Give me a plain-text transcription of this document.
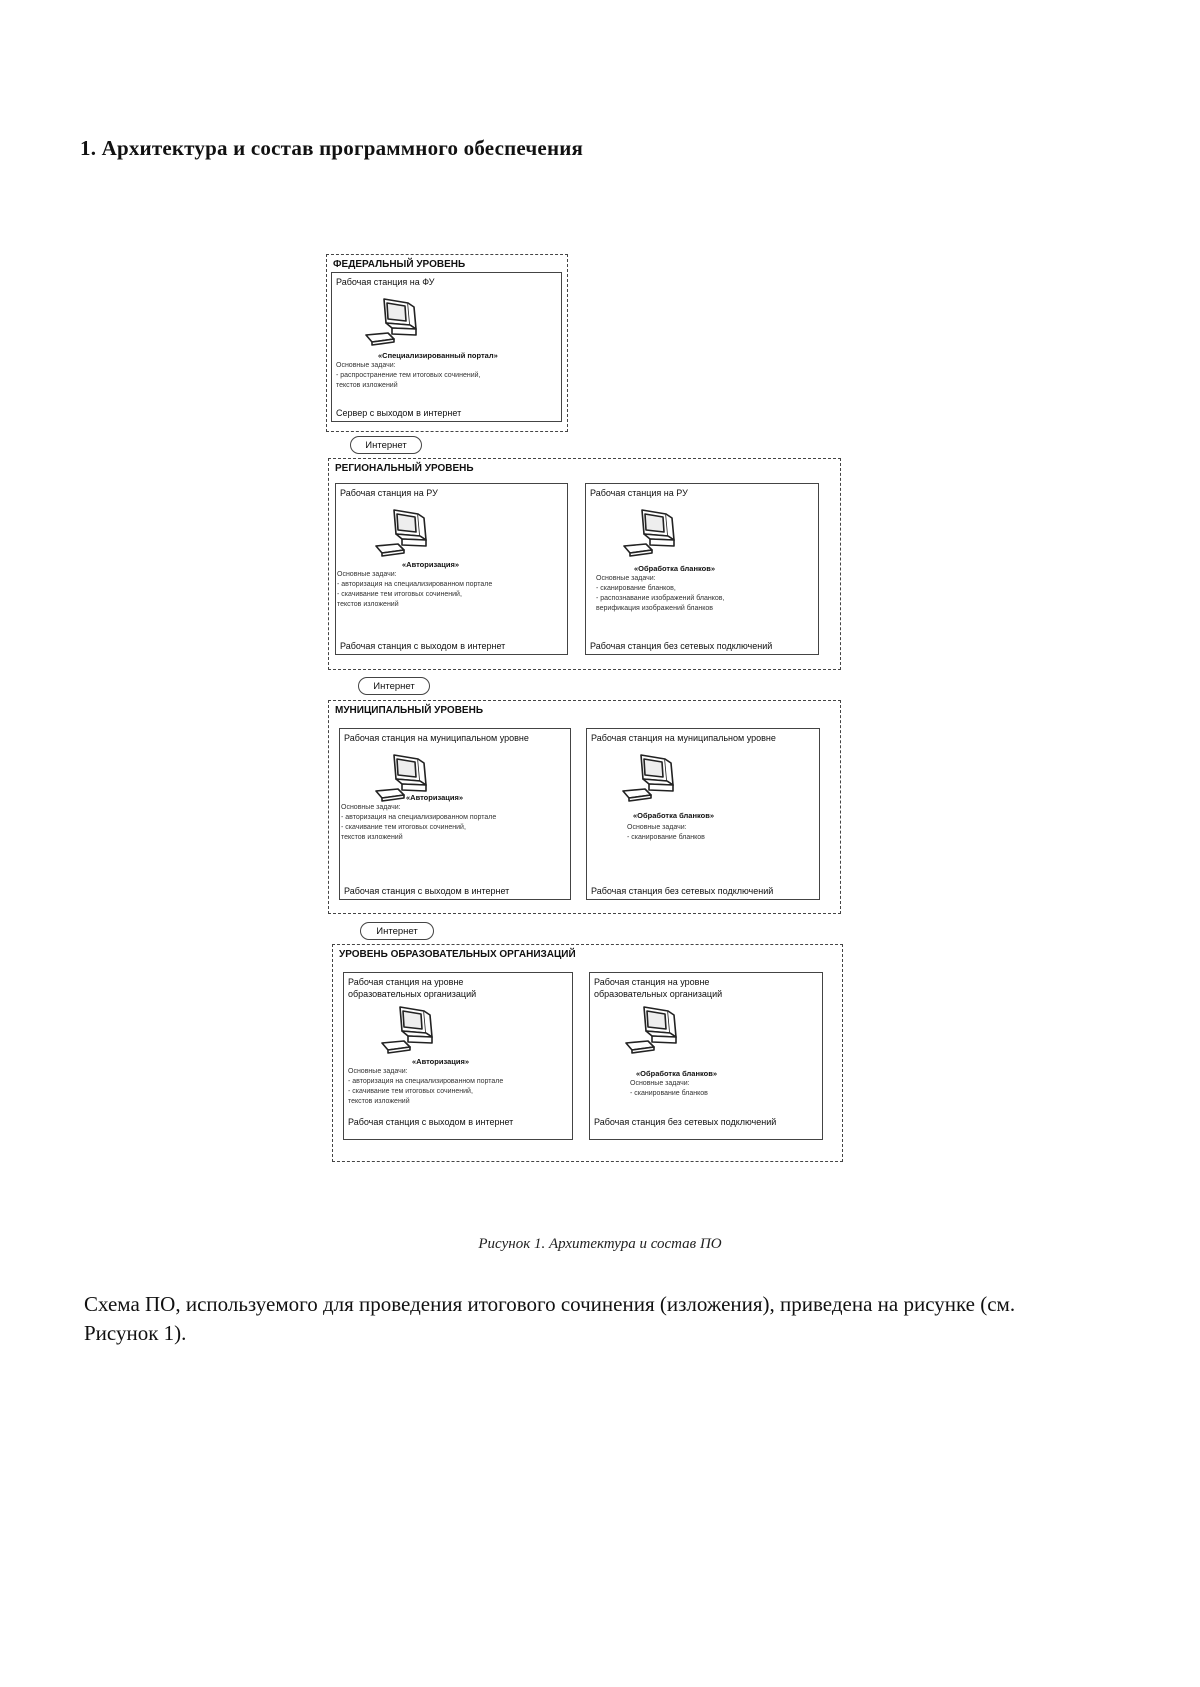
1. Архитектура и состав программного обеспечения
ФЕДЕРАЛЬНЫЙ УРОВЕНЬ
Рабочая станция на ФУ
«Специализированный портал»
Основные задачи:
- распространение тем итоговых сочинений,
текстов изложений
Сервер с выходом в интернет
Интернет
РЕГИОНАЛЬНЫЙ УРОВЕНЬ
Рабочая станция на РУ
«Авторизация»
Основные задачи:
- авторизация на специализированном портале
- скачивание тем итоговых сочинений,
текстов изложений
Рабочая станция с выходом в интернет
Рабочая станция на РУ
«Обработка бланков»
Основные задачи:
- сканирование бланков,
- распознавание изображений бланков,
верификация изображений бланков
Рабочая станция без сетевых подключений
Интернет
МУНИЦИПАЛЬНЫЙ УРОВЕНЬ
Рабочая станция на муниципальном уровне
«Авторизация»
Основные задачи:
- авторизация на специализированном портале
- скачивание тем итоговых сочинений,
текстов изложений
Рабочая станция с выходом в интернет
Рабочая станция на муниципальном уровне
«Обработка бланков»
Основные задачи:
- сканирование бланков
Рабочая станция без сетевых подключений
Интернет
УРОВЕНЬ ОБРАЗОВАТЕЛЬНЫХ ОРГАНИЗАЦИЙ
Рабочая станция на уровне
образовательных организаций
«Авторизация»
Основные задачи:
- авторизация на специализированном портале
- скачивание тем итоговых сочинений,
текстов изложений
Рабочая станция с выходом в интернет
Рабочая станция на уровне
образовательных организаций
«Обработка бланков»
Основные задачи:
- сканирование бланков
Рабочая станция без сетевых подключений
Рисунок 1. Архитектура и состав ПО

Схема ПО, используемого для проведения итогового сочинения (изложения), приведена на рисунке (см. Рисунок 1).
